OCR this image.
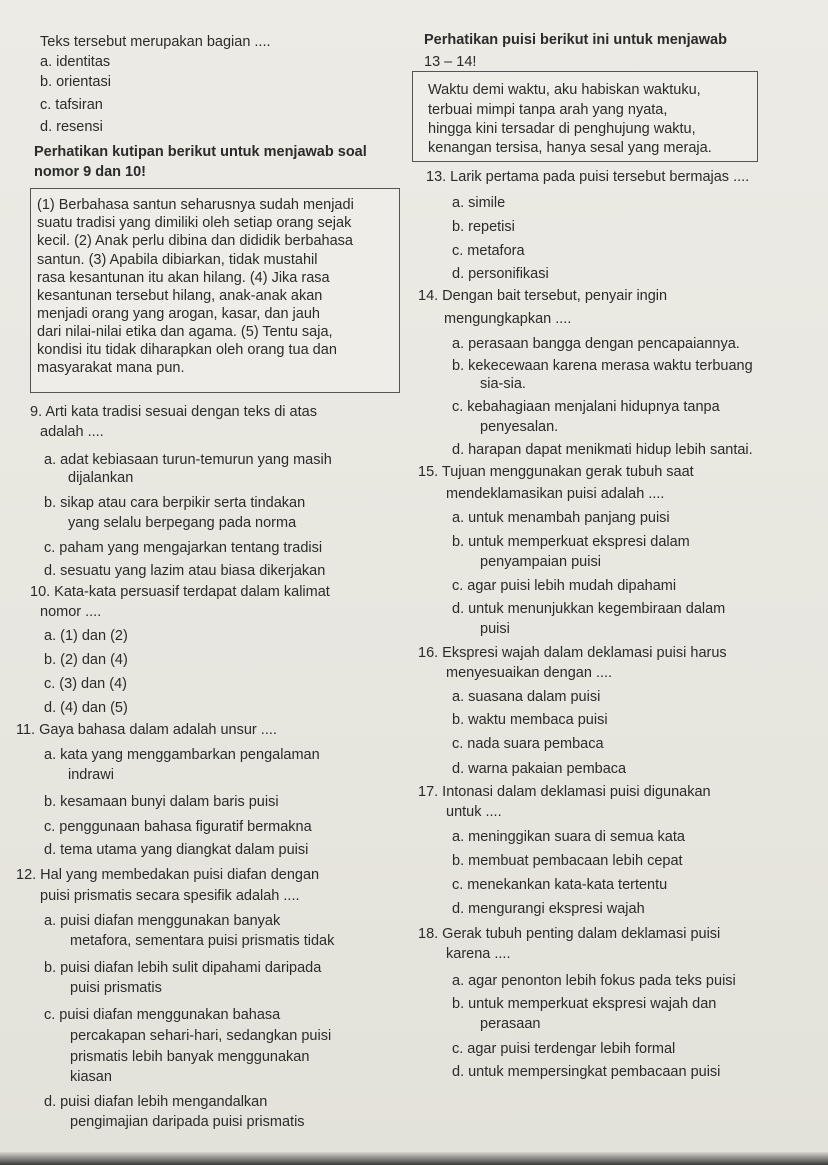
Teks tersebut merupakan bagian ....
a. identitas
b. orientasi
c. tafsiran
d. resensi
Perhatikan kutipan berikut untuk menjawab soal
nomor 9 dan 10!
(1) Berbahasa santun seharusnya sudah menjadi
suatu tradisi yang dimiliki oleh setiap orang sejak
kecil. (2) Anak perlu dibina dan dididik berbahasa
santun. (3) Apabila dibiarkan, tidak mustahil
rasa kesantunan itu akan hilang. (4) Jika rasa
kesantunan tersebut hilang, anak-anak akan
menjadi orang yang arogan, kasar, dan jauh
dari nilai-nilai etika dan agama. (5) Tentu saja,
kondisi itu tidak diharapkan oleh orang tua dan
masyarakat mana pun.
9. Arti kata tradisi sesuai dengan teks di atas
adalah ....
a. adat kebiasaan turun-temurun yang masih
dijalankan
b. sikap atau cara berpikir serta tindakan
yang selalu berpegang pada norma
c. paham yang mengajarkan tentang tradisi
d. sesuatu yang lazim atau biasa dikerjakan
10. Kata-kata persuasif terdapat dalam kalimat
nomor ....
a. (1) dan (2)
b. (2) dan (4)
c. (3) dan (4)
d. (4) dan (5)
11. Gaya bahasa dalam adalah unsur ....
a. kata yang menggambarkan pengalaman
indrawi
b. kesamaan bunyi dalam baris puisi
c. penggunaan bahasa figuratif bermakna
d. tema utama yang diangkat dalam puisi
12. Hal yang membedakan puisi diafan dengan
puisi prismatis secara spesifik adalah ....
a. puisi diafan menggunakan banyak
metafora, sementara puisi prismatis tidak
b. puisi diafan lebih sulit dipahami daripada
puisi prismatis
c. puisi diafan menggunakan bahasa
percakapan sehari-hari, sedangkan puisi
prismatis lebih banyak menggunakan
kiasan
d. puisi diafan lebih mengandalkan
pengimajian daripada puisi prismatis
Perhatikan puisi berikut ini untuk menjawab
13 – 14!
Waktu demi waktu, aku habiskan waktuku,
terbuai mimpi tanpa arah yang nyata,
hingga kini tersadar di penghujung waktu,
kenangan tersisa, hanya sesal yang meraja.
13. Larik pertama pada puisi tersebut bermajas ....
a. simile
b. repetisi
c. metafora
d. personifikasi
14. Dengan bait tersebut, penyair ingin
mengungkapkan ....
a. perasaan bangga dengan pencapaiannya.
b. kekecewaan karena merasa waktu terbuang
sia-sia.
c. kebahagiaan menjalani hidupnya tanpa
penyesalan.
d. harapan dapat menikmati hidup lebih santai.
15. Tujuan menggunakan gerak tubuh saat
mendeklamasikan puisi adalah ....
a. untuk menambah panjang puisi
b. untuk memperkuat ekspresi dalam
penyampaian puisi
c. agar puisi lebih mudah dipahami
d. untuk menunjukkan kegembiraan dalam
puisi
16. Ekspresi wajah dalam deklamasi puisi harus
menyesuaikan dengan ....
a. suasana dalam puisi
b. waktu membaca puisi
c. nada suara pembaca
d. warna pakaian pembaca
17. Intonasi dalam deklamasi puisi digunakan
untuk ....
a. meninggikan suara di semua kata
b. membuat pembacaan lebih cepat
c. menekankan kata-kata tertentu
d. mengurangi ekspresi wajah
18. Gerak tubuh penting dalam deklamasi puisi
karena ....
a. agar penonton lebih fokus pada teks puisi
b. untuk memperkuat ekspresi wajah dan
perasaan
c. agar puisi terdengar lebih formal
d. untuk mempersingkat pembacaan puisi
